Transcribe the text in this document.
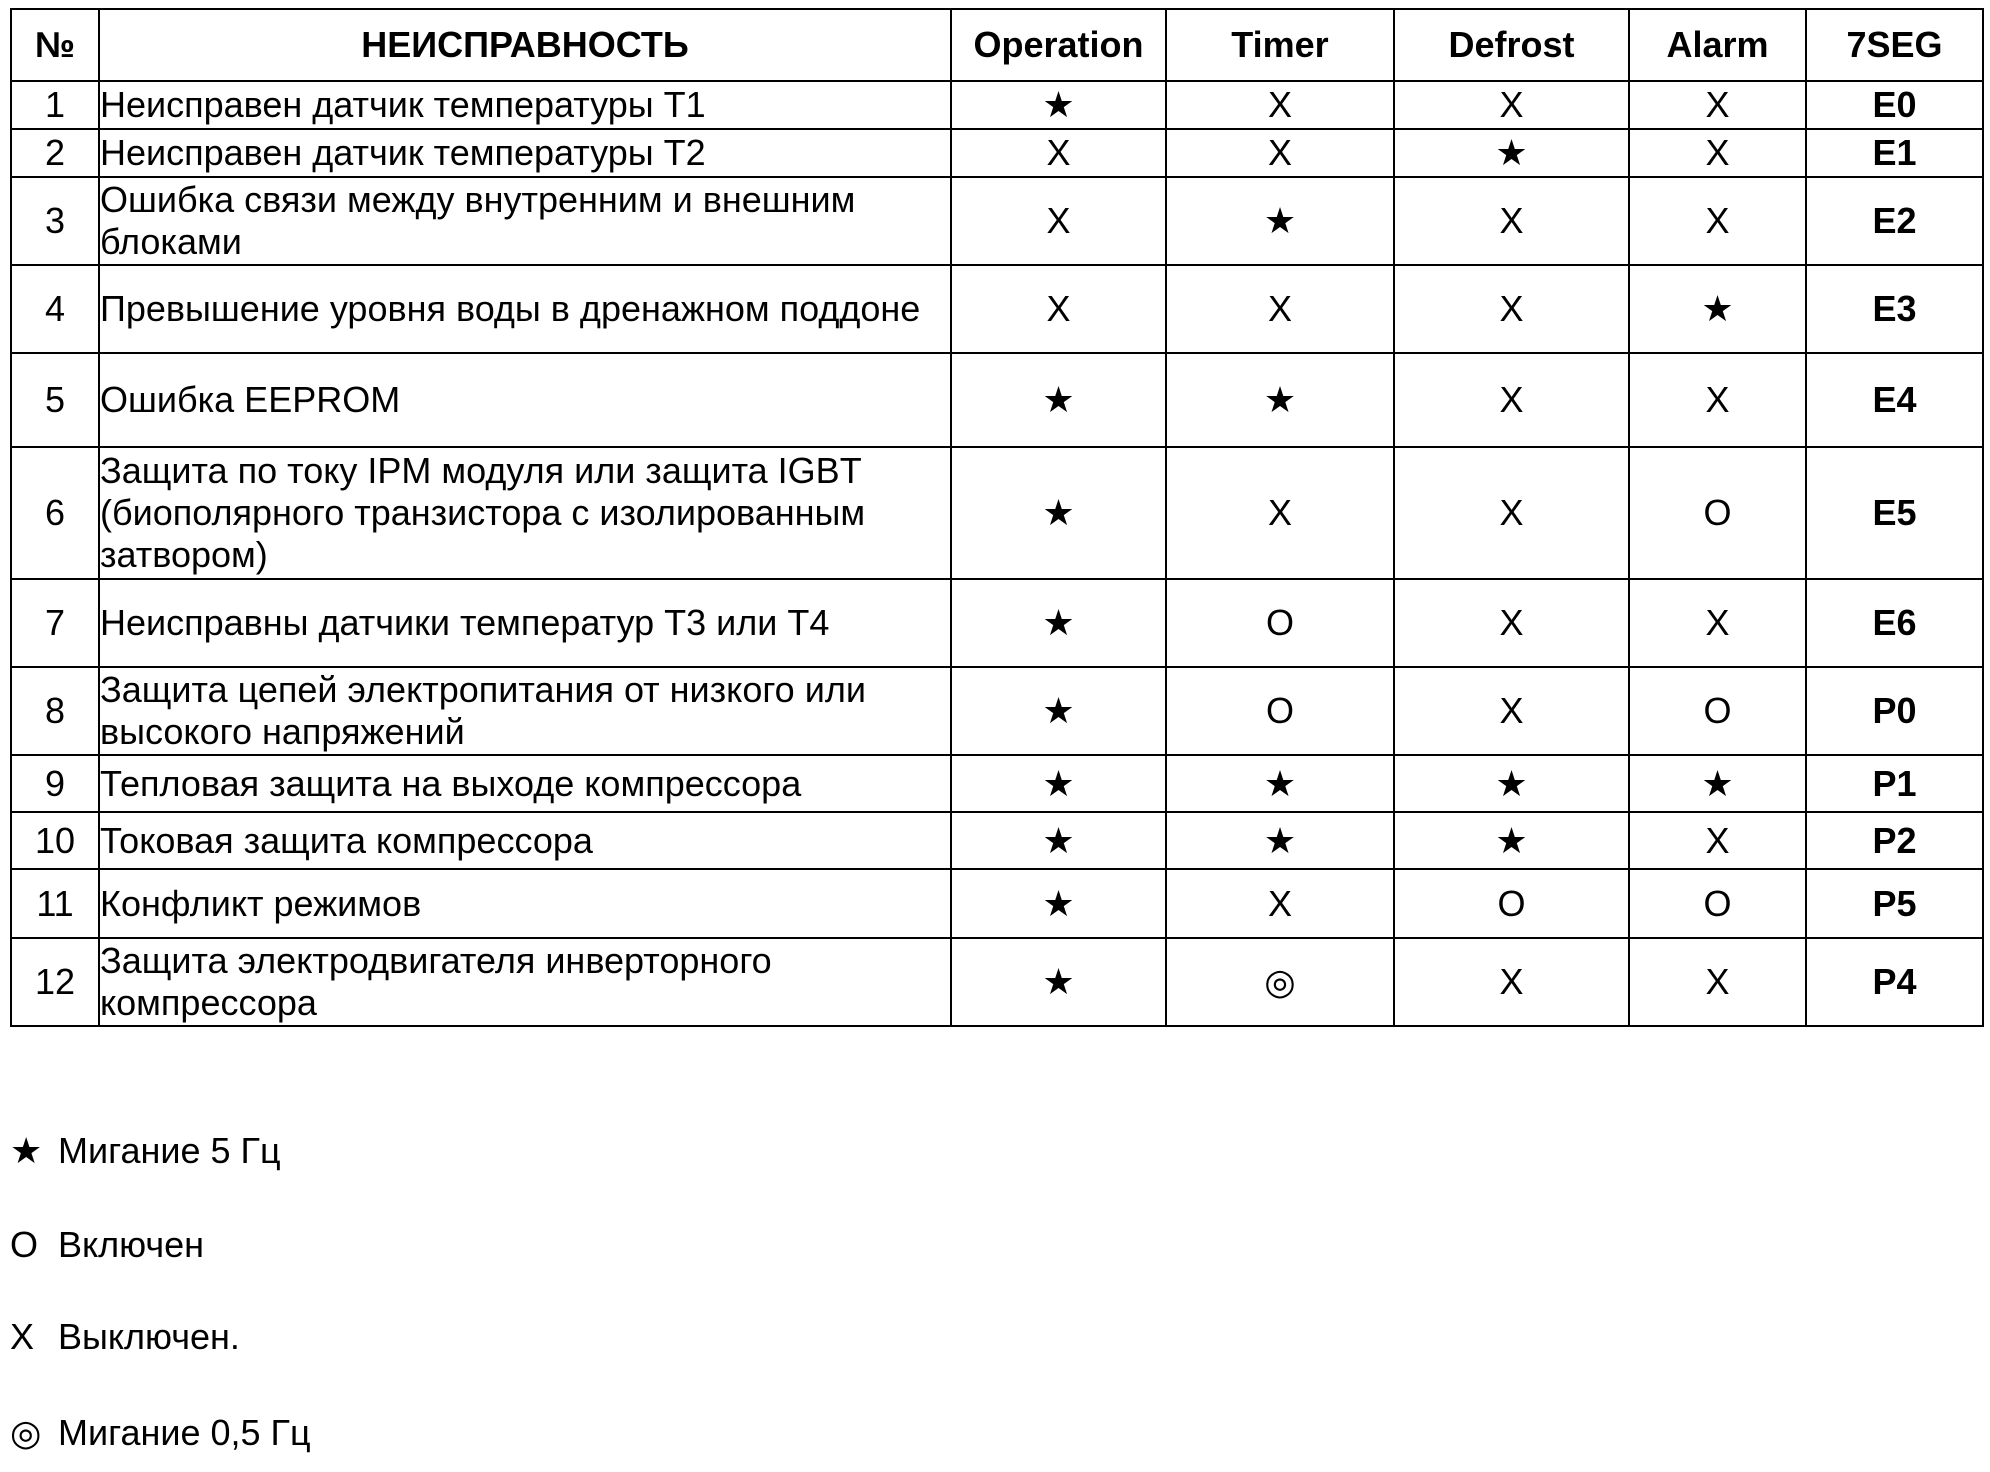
№	НЕИСПРАВНОСТЬ	Operation	Timer	Defrost	Alarm	7SEG
1	Неисправен датчик температуры Т1	★	Х	Х	Х	E0
2	Неисправен датчик температуры Т2	Х	Х	★	Х	E1
3	Ошибка связи между внутренним и внешним блоками	Х	★	Х	Х	E2
4	Превышение уровня воды в дренажном поддоне	Х	Х	Х	★	E3
5	Ошибка EEPROM	★	★	Х	Х	E4
6	Защита по току IPM модуля или защита IGBT (биополярного транзистора с изолированным затвором)	★	Х	Х	О	E5
7	Неисправны датчики температур Т3 или Т4	★	О	Х	Х	E6
8	Защита цепей электропитания от низкого или высокого напряжений	★	О	Х	О	P0
9	Тепловая защита на выходе компрессора	★	★	★	★	P1
10	Токовая защита компрессора	★	★	★	Х	P2
11	Конфликт режимов	★	Х	О	О	P5
12	Защита электродвигателя инверторного компрессора	★	◎	Х	Х	P4
★ Мигание 5 Гц
О Включен
Х Выключен.
◎ Мигание 0,5 Гц
